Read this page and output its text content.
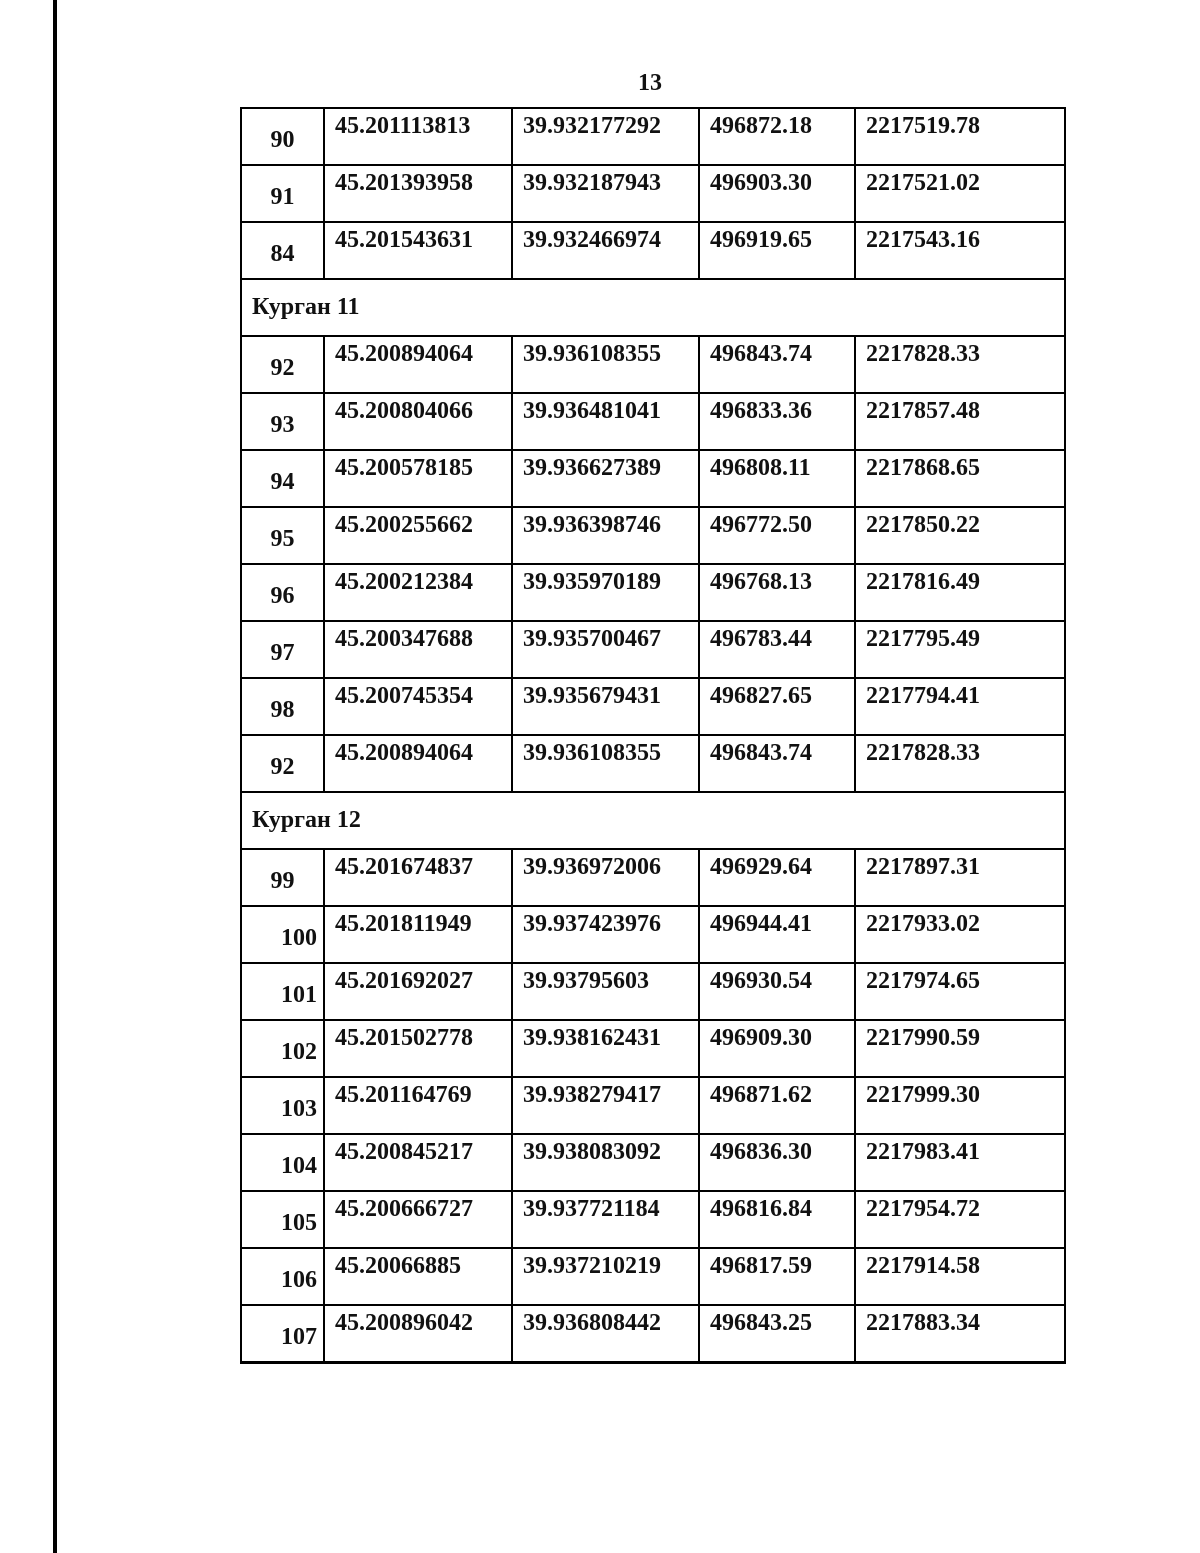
13
90	45.201113813	39.932177292	496872.18	2217519.78
91	45.201393958	39.932187943	496903.30	2217521.02
84	45.201543631	39.932466974	496919.65	2217543.16
Курган 11				
92	45.200894064	39.936108355	496843.74	2217828.33
93	45.200804066	39.936481041	496833.36	2217857.48
94	45.200578185	39.936627389	496808.11	2217868.65
95	45.200255662	39.936398746	496772.50	2217850.22
96	45.200212384	39.935970189	496768.13	2217816.49
97	45.200347688	39.935700467	496783.44	2217795.49
98	45.200745354	39.935679431	496827.65	2217794.41
92	45.200894064	39.936108355	496843.74	2217828.33
Курган 12				
99	45.201674837	39.936972006	496929.64	2217897.31
100	45.201811949	39.937423976	496944.41	2217933.02
101	45.201692027	39.93795603	496930.54	2217974.65
102	45.201502778	39.938162431	496909.30	2217990.59
103	45.201164769	39.938279417	496871.62	2217999.30
104	45.200845217	39.938083092	496836.30	2217983.41
105	45.200666727	39.937721184	496816.84	2217954.72
106	45.20066885	39.937210219	496817.59	2217914.58
107	45.200896042	39.936808442	496843.25	2217883.34
